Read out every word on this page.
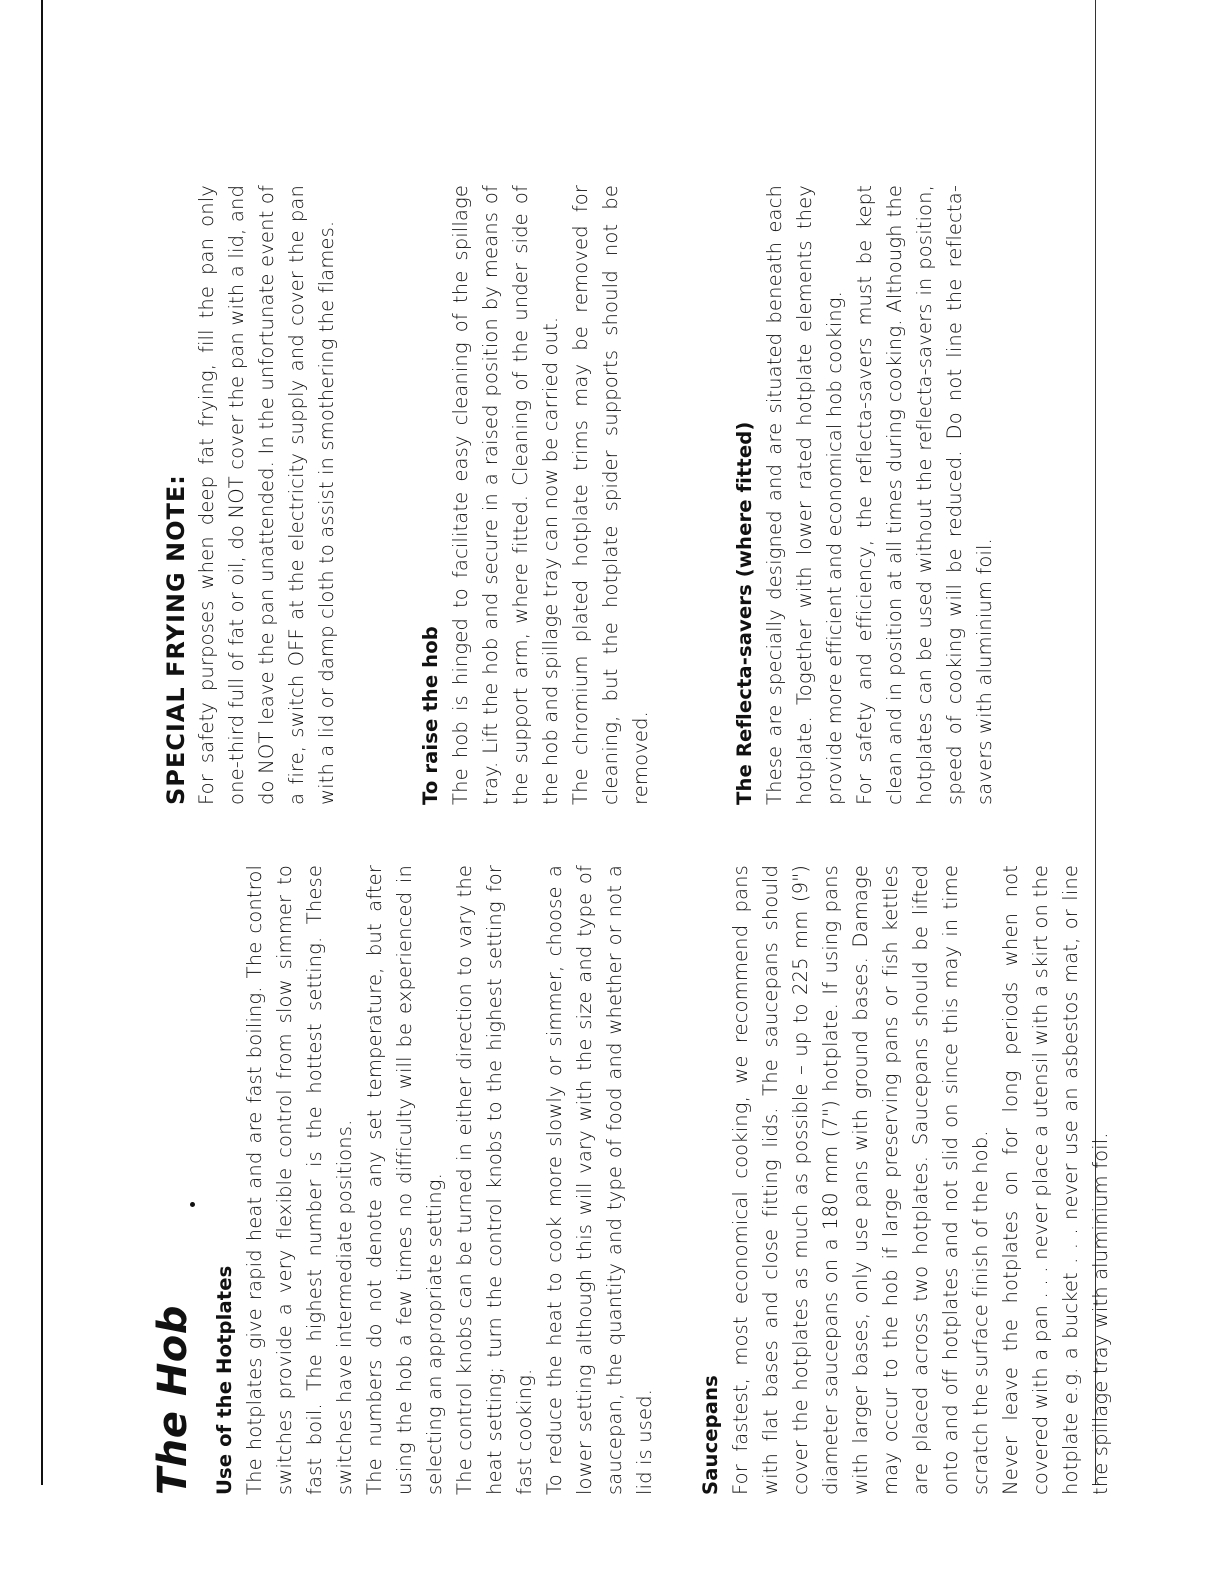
The Hob Use of the Hotplates The hotplates give rapid heat and are fast boiling. The control switches provide a very flexible control from slow simmer to fast boil. The highest number is the hottest setting. These switches have intermediate positions. The numbers do not denote any set temperature, but after using the hob a few times no difficulty will be experienced in selecting an appropriate setting. The control knobs can be turned in either direction to vary the heat setting; turn the control knobs to the highest setting for fast cooking. To reduce the heat to cook more slowly or simmer, choose a lower setting although this will vary with the size and type of saucepan, the quantity and type of food and whether or not a lid is used. Saucepans For fastest, most economical cooking, we recommend pans with flat bases and close fitting lids. The saucepans should cover the hotplates as much as possible – up to 225 mm (9") diameter saucepans on a 180 mm (7") hotplate. If using pans with larger bases, only use pans with ground bases. Damage may occur to the hob if large preserving pans or fish kettles are placed across two hotplates. Saucepans should be lifted onto and off hotplates and not slid on since this may in time scratch the surface finish of the hob. Never leave the hotplates on for long periods when not covered with a pan . . . never place a utensil with a skirt on the hotplate e.g. a bucket . . . never use an asbestos mat, or line the spillage tray with aluminium foil.

SPECIAL FRYING NOTE: For safety purposes when deep fat frying, fill the pan only one-third full of fat or oil, do NOT cover the pan with a lid, and do NOT leave the pan unattended. In the unfortunate event of a fire, switch OFF at the electricity supply and cover the pan with a lid or damp cloth to assist in smothering the flames.	To raise the hob The hob is hinged to facilitate easy cleaning of the spillage tray. Lift the hob and secure in a raised position by means of the support arm, where fitted. Cleaning of the under side of the hob and spillage tray can now be carried out. The chromium plated hotplate trims may be removed for cleaning, but the hotplate spider supports should not be removed.	The Reflecta-savers (where fitted) These are specially designed and are situated beneath each hotplate. Together with lower rated hotplate elements they provide more efficient and economical hob cooking. For safety and efficiency, the reflecta-savers must be kept clean and in position at all times during cooking. Although the hotplates can be used without the reflecta-savers in position, speed of cooking will be reduced. Do not line the reflecta-savers with aluminium foil.
